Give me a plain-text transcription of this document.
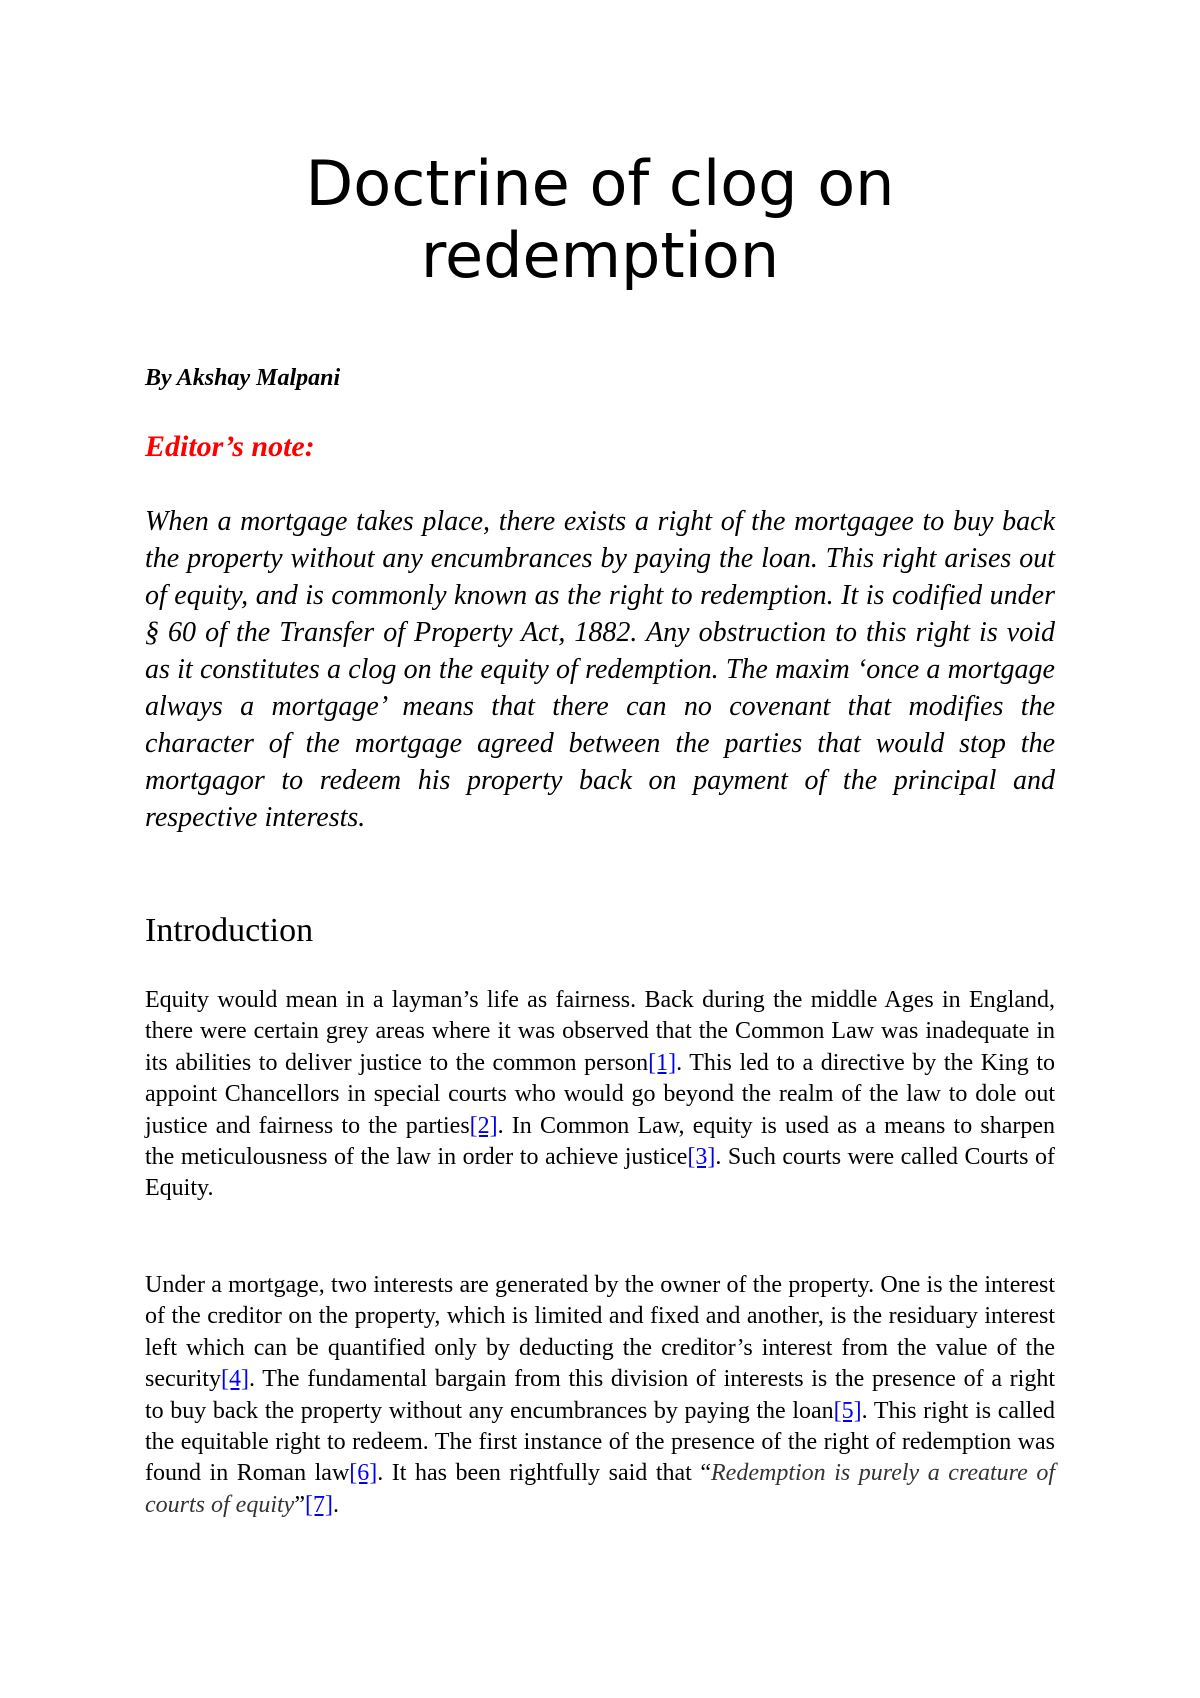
Doctrine of clog on
redemption

By Akshay Malpani

Editor’s note:

When a mortgage takes place, there exists a right of the mortgagee to buy back the property without any encumbrances by paying the loan. This right arises out of equity, and is commonly known as the right to redemption. It is codified under § 60 of the Transfer of Property Act, 1882. Any obstruction to this right is void as it constitutes a clog on the equity of redemption. The maxim ‘once a mortgage always a mortgage’ means that there can no covenant that modifies the character of the mortgage agreed between the parties that would stop the mortgagor to redeem his property back on payment of the principal and respective interests.

Introduction

Equity would mean in a layman’s life as fairness. Back during the middle Ages in England, there were certain grey areas where it was observed that the Common Law was inadequate in its abilities to deliver justice to the common person[1]. This led to a directive by the King to appoint Chancellors in special courts who would go beyond the realm of the law to dole out justice and fairness to the parties[2]. In Common Law, equity is used as a means to sharpen the meticulousness of the law in order to achieve justice[3]. Such courts were called Courts of Equity.

Under a mortgage, two interests are generated by the owner of the property. One is the interest of the creditor on the property, which is limited and fixed and another, is the residuary interest left which can be quantified only by deducting the creditor’s interest from the value of the security[4]. The fundamental bargain from this division of interests is the presence of a right to buy back the property without any encumbrances by paying the loan[5]. This right is called the equitable right to redeem. The first instance of the presence of the right of redemption was found in Roman law[6]. It has been rightfully said that “Redemption is purely a creature of courts of equity”[7].
